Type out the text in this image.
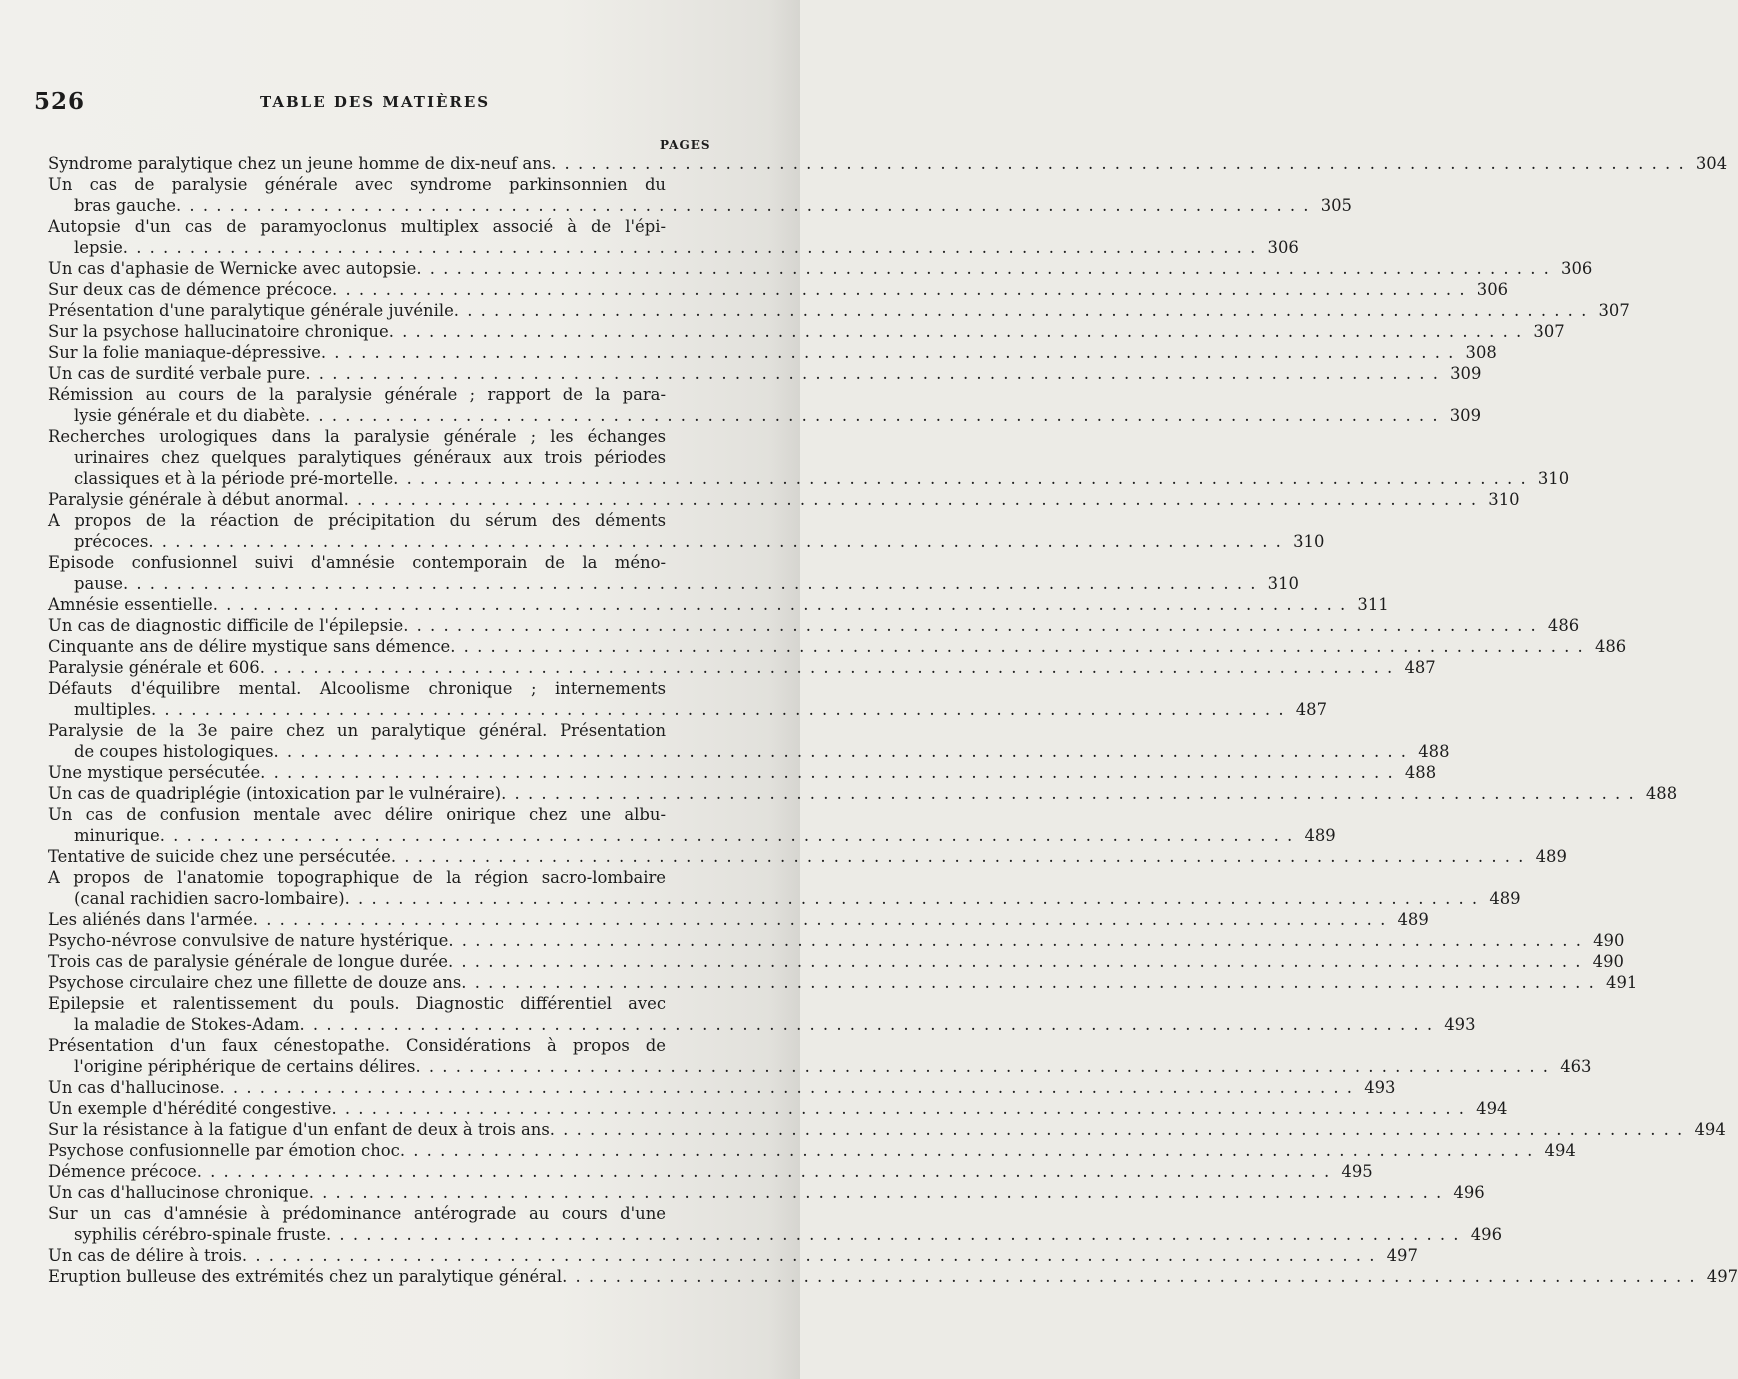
526	TABLE DES MATIÈRES
PAGES
Syndrome paralytique chez un jeune homme de dix-neuf ans . . .	304
Un cas de paralysie générale avec syndrome parkinsonnien du
bras gauche . . .	305
Autopsie d'un cas de paramyoclonus multiplex associé à de l'épi-
lepsie . . .	306
Un cas d'aphasie de Wernicke avec autopsie . . .	306
Sur deux cas de démence précoce . . .	306
Présentation d'une paralytique générale juvénile . . .	307
Sur la psychose hallucinatoire chronique . . .	307
Sur la folie maniaque-dépressive . . .	308
Un cas de surdité verbale pure . . .	309
Rémission au cours de la paralysie générale ; rapport de la para-
lysie générale et du diabète . . .	309
Recherches urologiques dans la paralysie générale ; les échanges
urinaires chez quelques paralytiques généraux aux trois périodes
classiques et à la période pré-mortelle . . .	310
Paralysie générale à début anormal . . .	310
A propos de la réaction de précipitation du sérum des déments
précoces . . .	310
Episode confusionnel suivi d'amnésie contemporain de la méno-
pause . . .	310
Amnésie essentielle . . .	311
Un cas de diagnostic difficile de l'épilepsie . . .	486
Cinquante ans de délire mystique sans démence . . .	486
Paralysie générale et 606 . . .	487
Défauts d'équilibre mental. Alcoolisme chronique ; internements
multiples . . .	487
Paralysie de la 3e paire chez un paralytique général. Présentation
de coupes histologiques . . .	488
Une mystique persécutée . . .	488
Un cas de quadriplégie (intoxication par le vulnéraire) . . .	488
Un cas de confusion mentale avec délire onirique chez une albu-
minurique . . .	489
Tentative de suicide chez une persécutée . . .	489
A propos de l'anatomie topographique de la région sacro-lombaire
(canal rachidien sacro-lombaire) . . .	489
Les aliénés dans l'armée . . .	489
Psycho-névrose convulsive de nature hystérique . . .	490
Trois cas de paralysie générale de longue durée . . .	490
Psychose circulaire chez une fillette de douze ans . . .	491
Epilepsie et ralentissement du pouls. Diagnostic différentiel avec
la maladie de Stokes-Adam . . .	493
Présentation d'un faux cénestopathe. Considérations à propos de
l'origine périphérique de certains délires . . .	463
Un cas d'hallucinose . . .	493
Un exemple d'hérédité congestive . . .	494
Sur la résistance à la fatigue d'un enfant de deux à trois ans . . .	494
Psychose confusionnelle par émotion choc . . .	494
Démence précoce . . .	495
Un cas d'hallucinose chronique . . .	496
Sur un cas d'amnésie à prédominance antérograde au cours d'une
syphilis cérébro-spinale fruste . . .	496
Un cas de délire à trois . . .	497
Eruption bulleuse des extrémités chez un paralytique général . . .	497
